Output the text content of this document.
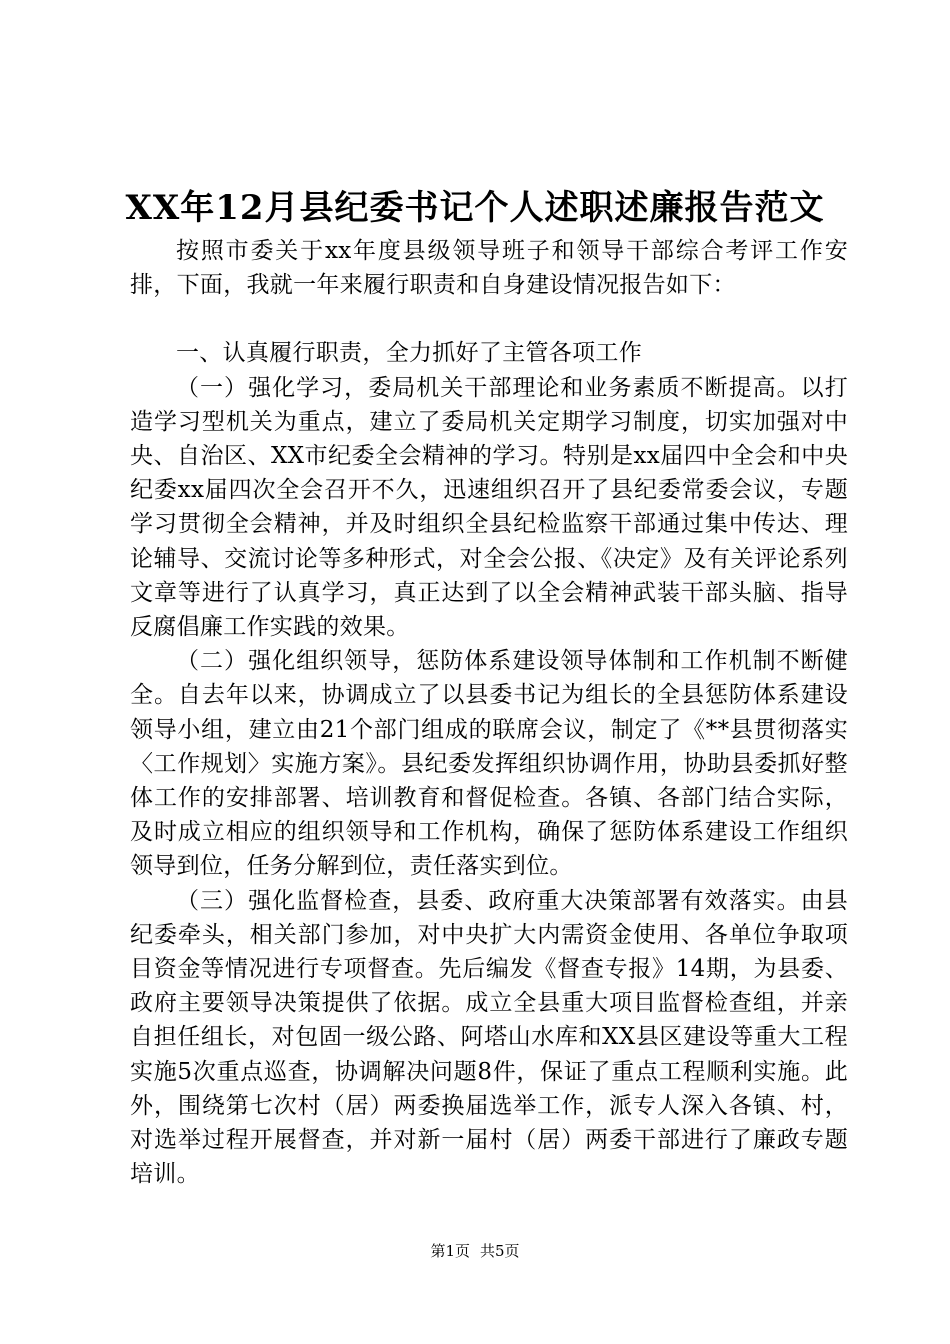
XX年12月县纪委书记个人述职述廉报告范文

按照市委关于xx年度县级领导班子和领导干部综合考评工作安排，下面，我就一年来履行职责和自身建设情况报告如下：

一、认真履行职责，全力抓好了主管各项工作

（一）强化学习，委局机关干部理论和业务素质不断提高。以打造学习型机关为重点，建立了委局机关定期学习制度，切实加强对中央、自治区、XX市纪委全会精神的学习。特别是xx届四中全会和中央纪委xx届四次全会召开不久，迅速组织召开了县纪委常委会议，专题学习贯彻全会精神，并及时组织全县纪检监察干部通过集中传达、理论辅导、交流讨论等多种形式，对全会公报、《决定》及有关评论系列文章等进行了认真学习，真正达到了以全会精神武装干部头脑、指导反腐倡廉工作实践的效果。

（二）强化组织领导，惩防体系建设领导体制和工作机制不断健全。自去年以来，协调成立了以县委书记为组长的全县惩防体系建设领导小组，建立由21个部门组成的联席会议，制定了《**县贯彻落实〈工作规划〉实施方案》。县纪委发挥组织协调作用，协助县委抓好整体工作的安排部署、培训教育和督促检查。各镇、各部门结合实际，及时成立相应的组织领导和工作机构，确保了惩防体系建设工作组织领导到位，任务分解到位，责任落实到位。

（三）强化监督检查，县委、政府重大决策部署有效落实。由县纪委牵头，相关部门参加，对中央扩大内需资金使用、各单位争取项目资金等情况进行专项督查。先后编发《督查专报》14期，为县委、政府主要领导决策提供了依据。成立全县重大项目监督检查组，并亲自担任组长，对包固一级公路、阿塔山水库和XX县区建设等重大工程实施5次重点巡查，协调解决问题8件，保证了重点工程顺利实施。此外，围绕第七次村（居）两委换届选举工作，派专人深入各镇、村，对选举过程开展督查，并对新一届村（居）两委干部进行了廉政专题培训。

第1页 共5页
